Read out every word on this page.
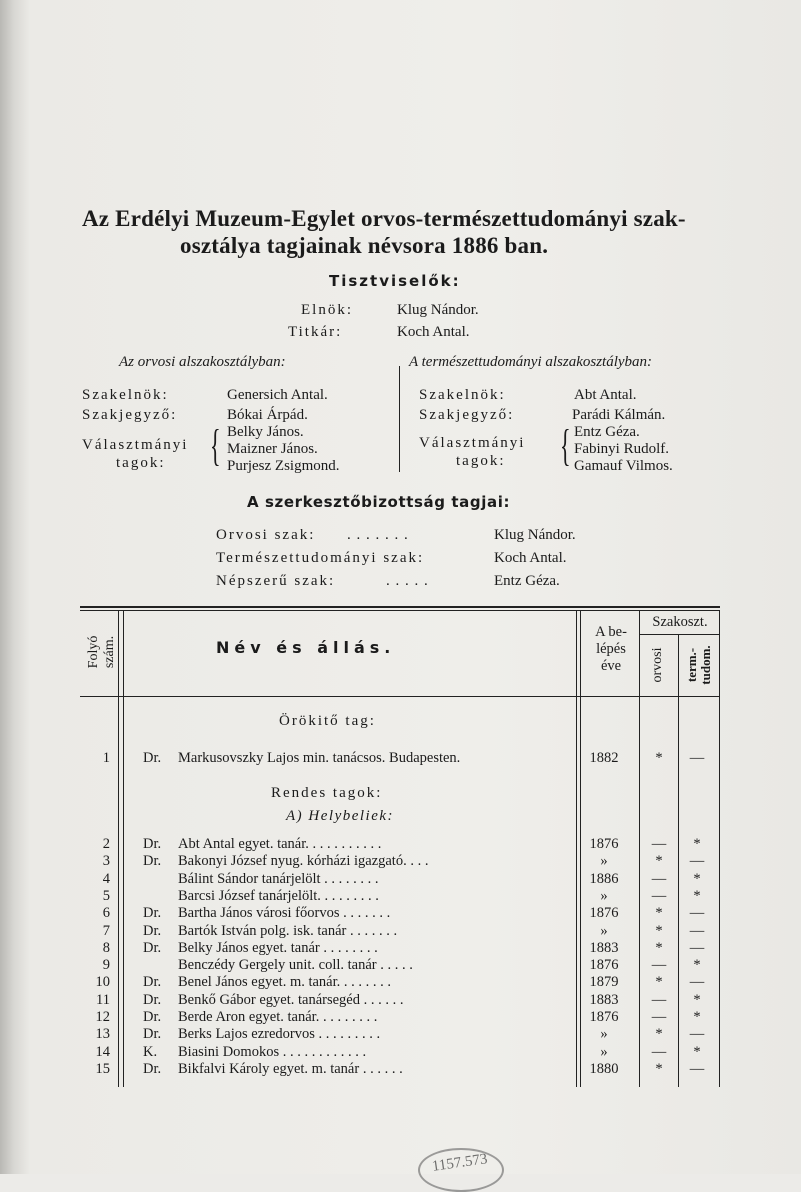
Az Erdélyi Muzeum-Egylet orvos-természettudományi szak-
osztálya tagjainak névsora 1886 ban.
Tisztviselők:
Elnök:	Klug Nándor.
Titkár:	Koch Antal.
Az orvosi alszakosztályban:
Szakelnök:	Genersich Antal.
Szakjegyző:	Bókai Árpád.
Választmányi
tagok: { Belky János.
Maizner János.
Purjesz Zsigmond.
A természettudományi alszakosztályban:
Szakelnök:	Abt Antal.
Szakjegyző:	Parádi Kálmán.
Választmányi
tagok: { Entz Géza.
Fabinyi Rudolf.
Gamauf Vilmos.
A szerkesztőbizottság tagjai:
Orvosi szak: . . . . . . .	Klug Nándor.
Természettudományi szak:	Koch Antal.
Népszerű szak:	. . . . .	Entz Géza.
Folyó szám.	Név és állás.
A be-
lépés
éve
Szakoszt.
orvosi	term.- tudom.
Örökitő tag:
1 Dr. Markusovszky Lajos min. tanácsos. Budapesten.	1882	*	—
Rendes tagok:
A) Helybeliek:
2 Dr. Abt Antal egyet. tanár. . . . . . . . . . .	1876	—	*
3 Dr. Bakonyi József nyug. kórházi igazgató. . . .	»	*	—
4	Bálint Sándor tanárjelölt . . . . . . . .	1886	—	*
5	Barcsi József tanárjelölt. . . . . . . . .	»	—	*
6 Dr. Bartha János városi főorvos . . . . . . .	1876	*	—
7 Dr. Bartók István polg. isk. tanár . . . . . . .	»	*	—
8 Dr. Belky János egyet. tanár . . . . . . . .	1883	*	—
9	Benczédy Gergely unit. coll. tanár . . . . .	1876	—	*
10 Dr. Benel János egyet. m. tanár. . . . . . . .	1879	*	—
11 Dr. Benkő Gábor egyet. tanársegéd . . . . . .	1883	—	*
12 Dr. Berde Aron egyet. tanár. . . . . . . . .	1876	—	*
13 Dr. Berks Lajos ezredorvos . . . . . . . . .	»	*	—
14 K. Biasini Domokos . . . . . . . . . . . .	»	—	*
15 Dr. Bikfalvi Károly egyet. m. tanár . . . . . .	1880	*	—
1157.573
